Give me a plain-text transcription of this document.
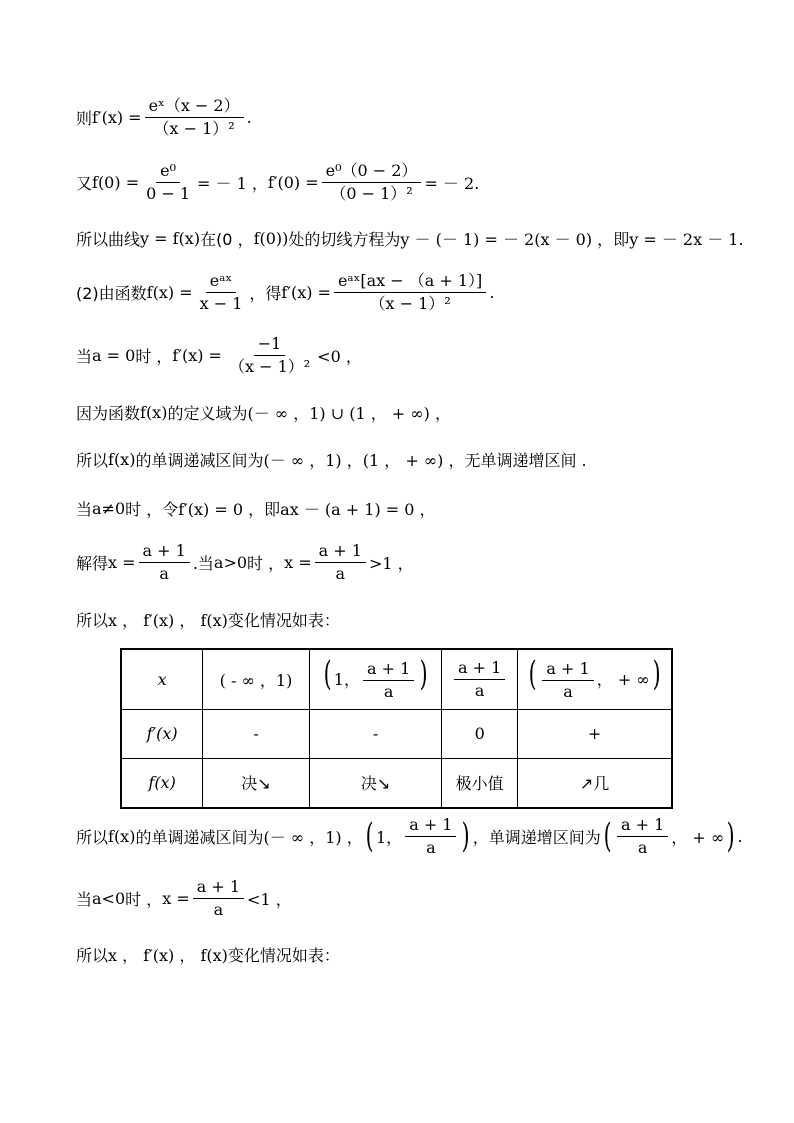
则 $f'(x) = \frac{\text{eˣ（x − 2）}}{\text{（x − 1）²}}$ .
又 $f(0) = \frac{\text{e⁰}}{0 - 1}$ = － 1 ， $f'(0) = \frac{\text{e⁰（0 − 2）}}{\text{（0 − 1）²}}$ = － 2.
所以曲线 y = f(x) 在(0 ， f(0)) 处的切线方程为 y － (－ 1) = － 2(x － 0) ， 即 y = － 2x － 1.
(2)由函数 $f(x) = \frac{\text{eᵃˣ}}{x - 1}$ ，得 $f'(x) = \frac{\text{eᵃˣ[ax − （a + 1）]}}{\text{（x − 1）²}}$ .
当 a = 0 时 ， $f'(x) = \frac{-1}{\text{（x − 1）²}} <0$ ，
因为函数 f(x) 的定义域为 (－ ∞ ，1) ∪ (1 ， + ∞) ，
所以 f(x) 的单调递减区间为 (－ ∞ ，1) ，(1 ， + ∞) ， 无单调递增区间 .
当 a≠0 时 ，令 f′(x) = 0 ， 即 ax － (a + 1) = 0 ，
解得 $x = \frac{a + 1}{a}$ .当 a>0 时 ， $x = \frac{a + 1}{a} >1$ ，
所以 x ， f′(x) ， f(x) 变化情况如表：
x	( - ∞ ，1)	( 1， $\frac{a + 1}{a}$ )	$\frac{a + 1}{a}$	( $\frac{a + 1}{a}$ ， + ∞)
f′(x)	-	-	0	+
f(x)	决↘	决↘	极小值	↗几
所以 f(x) 的单调递减区间为 (－ ∞ ，1) ， ( 1， $\frac{a + 1}{a}$ ) ，单调递增区间为 ( $\frac{a + 1}{a}$ ， + ∞ ) .
当 a<0 时 ， $x = \frac{a + 1}{a} <1$ ，
所以 x ， f′(x) ， f(x) 变化情况如表：
